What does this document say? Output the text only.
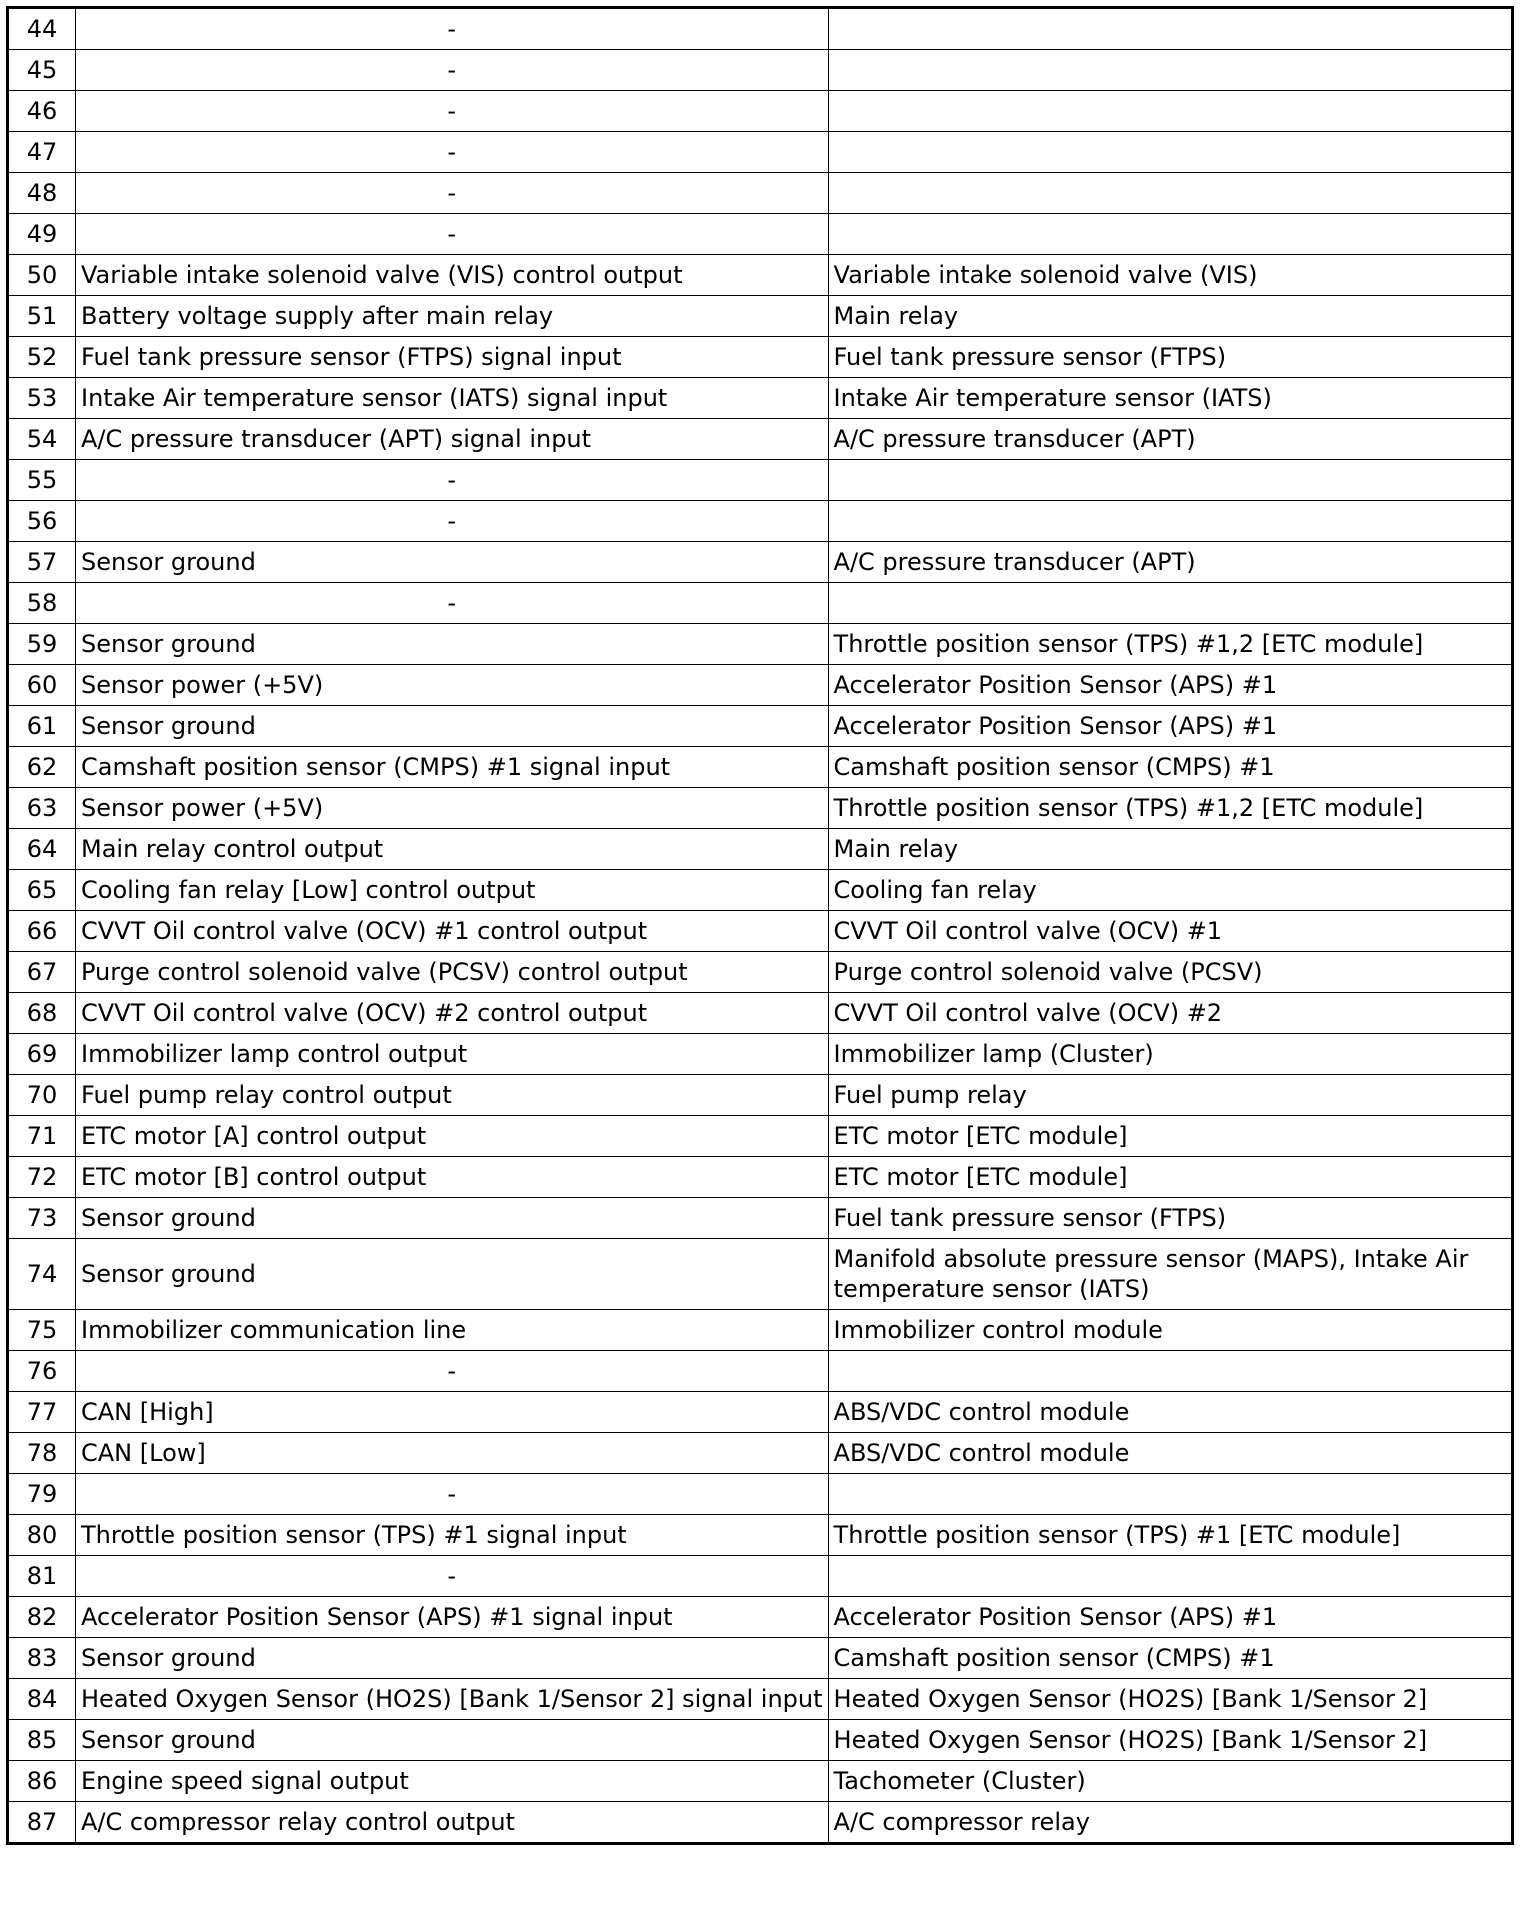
44	-	
45	-	
46	-	
47	-	
48	-	
49	-	
50	Variable intake solenoid valve (VIS) control output	Variable intake solenoid valve (VIS)
51	Battery voltage supply after main relay	Main relay
52	Fuel tank pressure sensor (FTPS) signal input	Fuel tank pressure sensor (FTPS)
53	Intake Air temperature sensor (IATS) signal input	Intake Air temperature sensor (IATS)
54	A/C pressure transducer (APT) signal input	A/C pressure transducer (APT)
55	-	
56	-	
57	Sensor ground	A/C pressure transducer (APT)
58	-	
59	Sensor ground	Throttle position sensor (TPS) #1,2 [ETC module]
60	Sensor power (+5V)	Accelerator Position Sensor (APS) #1
61	Sensor ground	Accelerator Position Sensor (APS) #1
62	Camshaft position sensor (CMPS) #1 signal input	Camshaft position sensor (CMPS) #1
63	Sensor power (+5V)	Throttle position sensor (TPS) #1,2 [ETC module]
64	Main relay control output	Main relay
65	Cooling fan relay [Low] control output	Cooling fan relay
66	CVVT Oil control valve (OCV) #1 control output	CVVT Oil control valve (OCV) #1
67	Purge control solenoid valve (PCSV) control output	Purge control solenoid valve (PCSV)
68	CVVT Oil control valve (OCV) #2 control output	CVVT Oil control valve (OCV) #2
69	Immobilizer lamp control output	Immobilizer lamp (Cluster)
70	Fuel pump relay control output	Fuel pump relay
71	ETC motor [A] control output	ETC motor [ETC module]
72	ETC motor [B] control output	ETC motor [ETC module]
73	Sensor ground	Fuel tank pressure sensor (FTPS)
74	Sensor ground	Manifold absolute pressure sensor (MAPS), Intake Air temperature sensor (IATS)
75	Immobilizer communication line	Immobilizer control module
76	-	
77	CAN [High]	ABS/VDC control module
78	CAN [Low]	ABS/VDC control module
79	-	
80	Throttle position sensor (TPS) #1 signal input	Throttle position sensor (TPS) #1 [ETC module]
81	-	
82	Accelerator Position Sensor (APS) #1 signal input	Accelerator Position Sensor (APS) #1
83	Sensor ground	Camshaft position sensor (CMPS) #1
84	Heated Oxygen Sensor (HO2S) [Bank 1/Sensor 2] signal input	Heated Oxygen Sensor (HO2S) [Bank 1/Sensor 2]
85	Sensor ground	Heated Oxygen Sensor (HO2S) [Bank 1/Sensor 2]
86	Engine speed signal output	Tachometer (Cluster)
87	A/C compressor relay control output	A/C compressor relay
